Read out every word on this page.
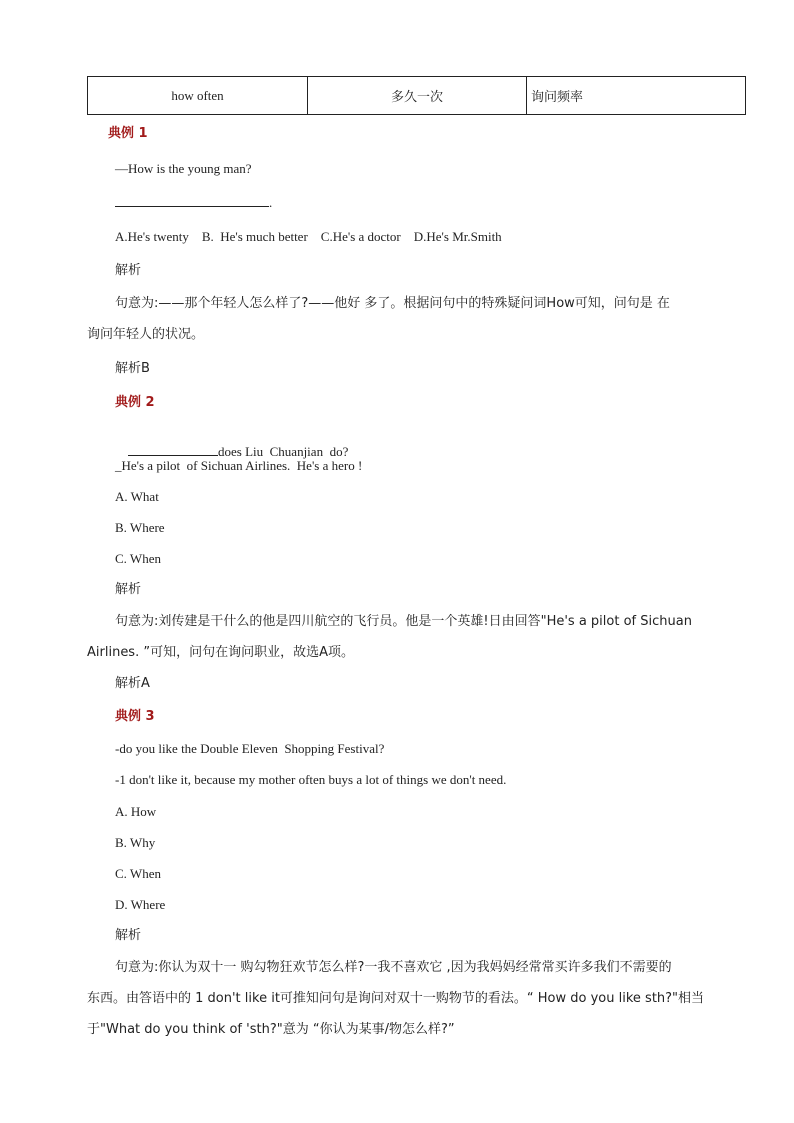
how often	多久一次	询问频率
典例 1
—How is the young man?
.
A.He's twenty    B.  He's much better    C.He's a doctor    D.He's Mr.Smith
解析
句意为:——那个年轻人怎么样了?——他好 多了。根据问句中的特殊疑问词How可知，问句是 在
询问年轻人的状况。
解析B
典例 2

does Liu  Chuanjian  do?

_He's a pilot  of Sichuan Airlines.  He's a hero !
A. What
B. Where
C. When
解析
句意为:刘传建是干什么的他是四川航空的飞行员。他是一个英雄!日由回答"He's a pilot of Sichuan
Airlines. ”可知，问句在询问职业，故选A项。
解析A
典例 3
-do you like the Double Eleven  Shopping Festival?
-1 don't like it, because my mother often buys a lot of things we don't need.
A. How
B. Why
C. When
D. Where
解析
句意为:你认为双十一 购勾物狂欢节怎么样?一我不喜欢它 ,因为我妈妈经常常买许多我们不需要的
东西。由答语中的 1 don't like it可推知问句是询问对双十一购物节的看法。“ How do you like sth?"相当
于"What do you think of 'sth?"意为 “你认为某事/物怎么样?”
